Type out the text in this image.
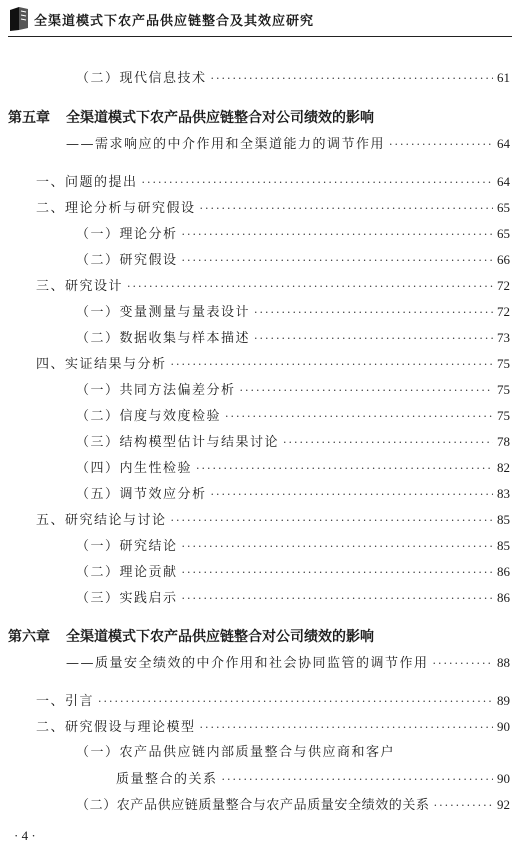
全渠道模式下农产品供应链整合及其效应研究
（二）现代信息技术 ·····	61
第五章 全渠道模式下农产品供应链整合对公司绩效的影响
——需求响应的中介作用和全渠道能力的调节作用 ·····	64
一、问题的提出 ·····	64
二、理论分析与研究假设 ·····	65
（一）理论分析 ·····	65
（二）研究假设 ·····	66
三、研究设计 ·····	72
（一）变量测量与量表设计 ·····	72
（二）数据收集与样本描述 ·····	73
四、实证结果与分析 ·····	75
（一）共同方法偏差分析 ·····	75
（二）信度与效度检验 ·····	75
（三）结构模型估计与结果讨论 ·····	78
（四）内生性检验 ·····	82
（五）调节效应分析 ·····	83
五、研究结论与讨论 ·····	85
（一）研究结论 ·····	85
（二）理论贡献 ·····	86
（三）实践启示 ·····	86
第六章 全渠道模式下农产品供应链整合对公司绩效的影响
——质量安全绩效的中介作用和社会协同监管的调节作用 ·····	88
一、引言 ·····	89
二、研究假设与理论模型 ·····	90
（一）农产品供应链内部质量整合与供应商和客户
质量整合的关系 ·····	90
（二）农产品供应链质量整合与农产品质量安全绩效的关系 ·····	92
· 4 ·
